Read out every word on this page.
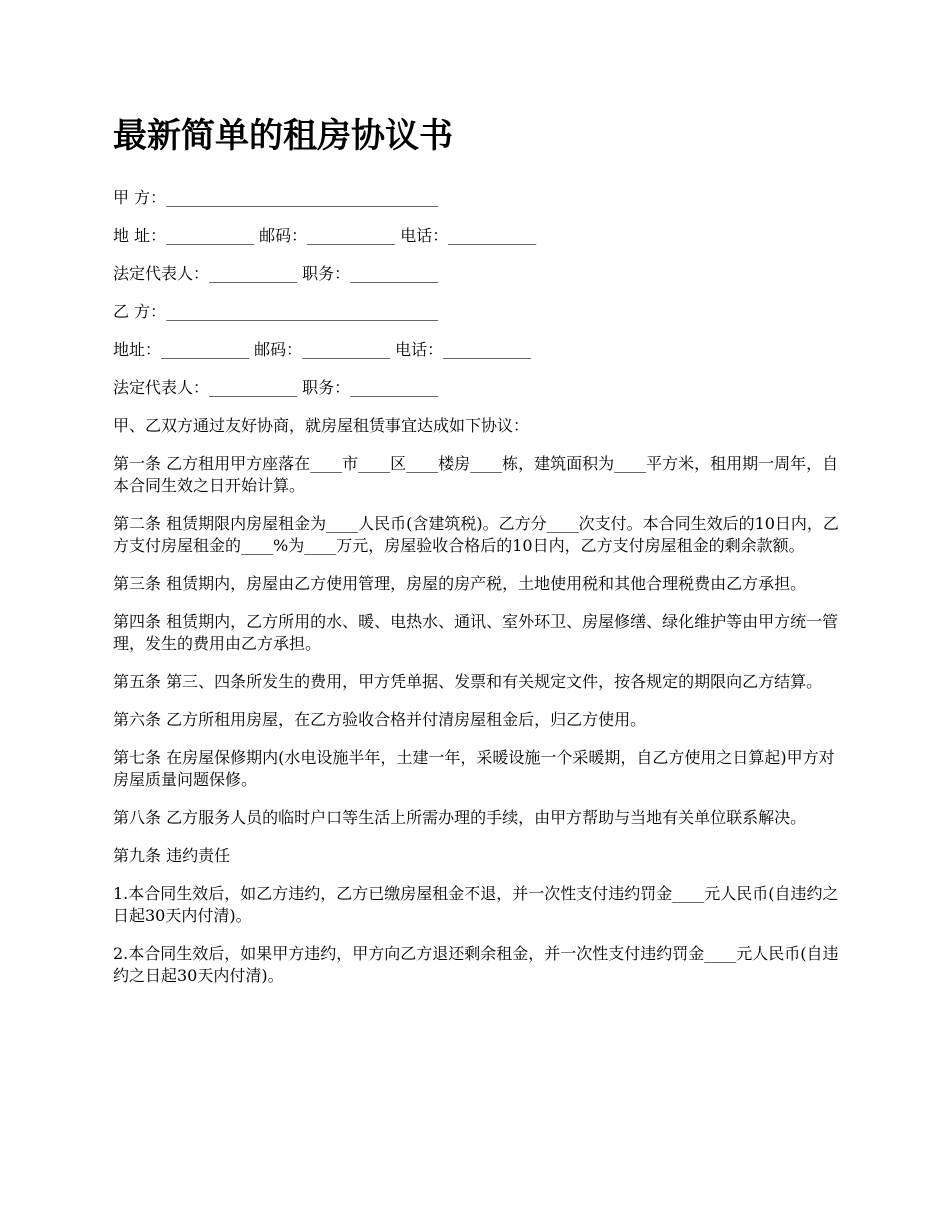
最新简单的租房协议书
甲 方：__________________________________
地 址：___________ 邮码：___________ 电话：___________
法定代表人：___________ 职务：___________
乙 方：__________________________________
地址：___________ 邮码：___________ 电话：___________
法定代表人：___________ 职务：___________
甲、乙双方通过友好协商，就房屋租赁事宜达成如下协议：
第一条 乙方租用甲方座落在____市____区____楼房____栋，建筑面积为____平方米，租用期一周年，自本合同生效之日开始计算。
第二条 租赁期限内房屋租金为____人民币(含建筑税)。乙方分____次支付。本合同生效后的10日内，乙方支付房屋租金的____%为____万元，房屋验收合格后的10日内，乙方支付房屋租金的剩余款额。
第三条 租赁期内，房屋由乙方使用管理，房屋的房产税，土地使用税和其他合理税费由乙方承担。
第四条 租赁期内，乙方所用的水、暖、电热水、通讯、室外环卫、房屋修缮、绿化维护等由甲方统一管理，发生的费用由乙方承担。
第五条 第三、四条所发生的费用，甲方凭单据、发票和有关规定文件，按各规定的期限向乙方结算。
第六条 乙方所租用房屋，在乙方验收合格并付清房屋租金后，归乙方使用。
第七条 在房屋保修期内(水电设施半年，土建一年，采暖设施一个采暖期，自乙方使用之日算起)甲方对房屋质量问题保修。
第八条 乙方服务人员的临时户口等生活上所需办理的手续，由甲方帮助与当地有关单位联系解决。
第九条 违约责任
1.本合同生效后，如乙方违约，乙方已缴房屋租金不退，并一次性支付违约罚金____元人民币(自违约之日起30天内付清)。
2.本合同生效后，如果甲方违约，甲方向乙方退还剩余租金，并一次性支付违约罚金____元人民币(自违约之日起30天内付清)。
